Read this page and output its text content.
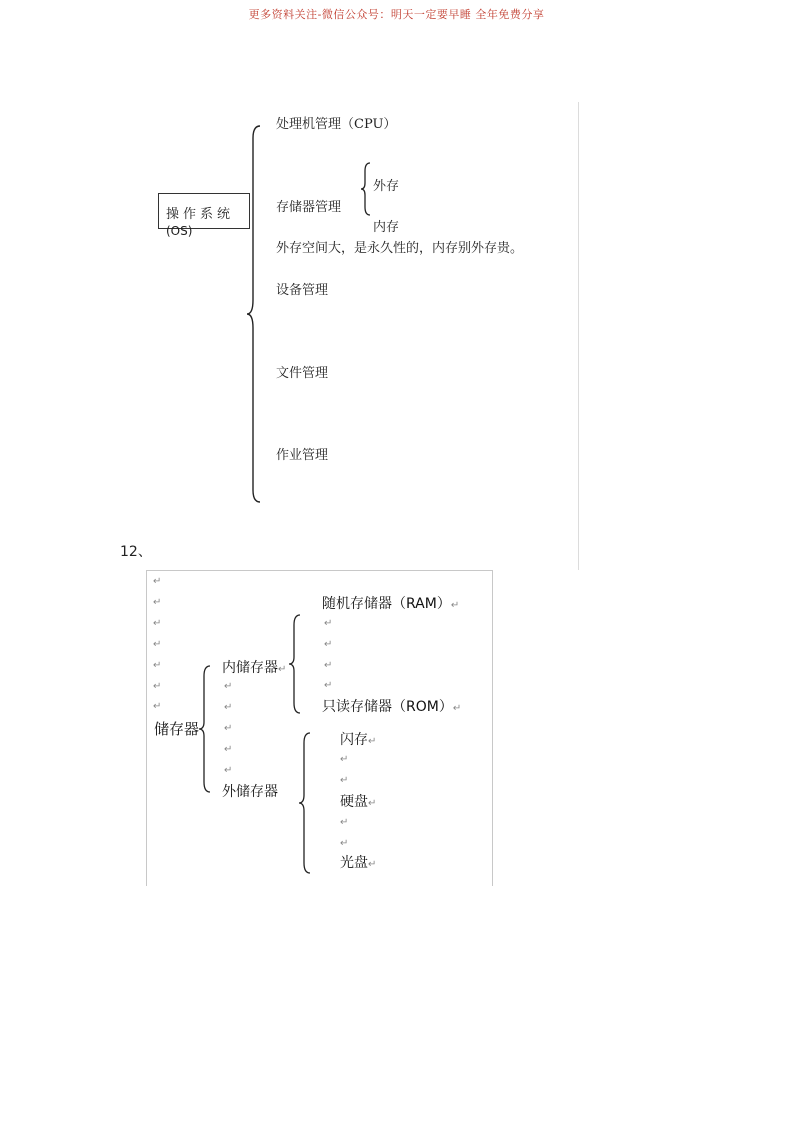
更多资料关注-微信公众号：明天一定要早睡 全年免费分享
操作系统
(OS)
处理机管理（CPU）
存储器管理
外存
内存
外存空间大，是永久性的，内存别外存贵。
设备管理
文件管理
作业管理
12、
↵
↵
↵
↵
↵
↵
↵
储存器
↵
↵
↵
↵
↵
内储存器↵
随机存储器（RAM）↵
↵
↵
↵
↵
只读存储器（ROM）↵
外储存器
闪存↵
↵
↵
硬盘↵
↵
↵
光盘↵
